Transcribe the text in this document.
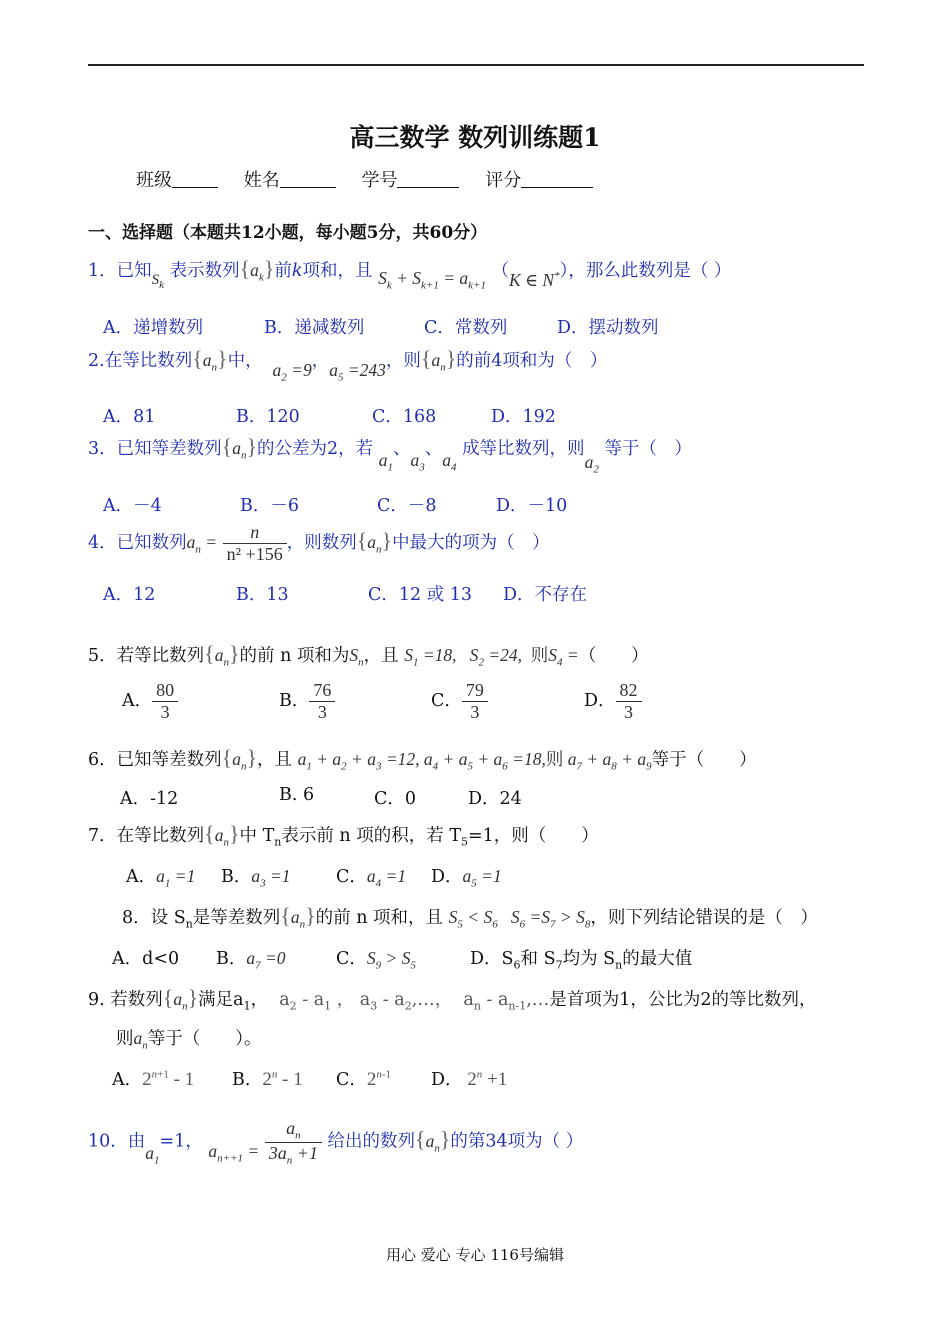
高三数学 数列训练题1
班级	姓名	学号	评分
一、选择题（本题共12小题，每小题5分，共60分）
1．已知$S_k$ 表示数列$\{a_k\}$前k项和，且 $S_k + S_{k+1} = a_{k+1}$ （K ∈ N*），那么此数列是（ ）
A．递增数列	B．递减数列	C．常数列	D．摆动数列
2.在等比数列$\{a_n\}$中，  $a_2 =9$，$a_5 =243$，则$\{a_n\}$的前4项和为（　）
A．81	B．120	C．168	D．192
3．已知等差数列$\{a_n\}$的公差为2，若 $a_1$、$a_3$、$a_4$ 成等比数列，则$a_2$ 等于（　）
A．－4	B．－6	C．－8	D．－10
4．已知数列$a_n = \frac{n}{\text{n² +156}}$ ，则数列$\{a_n\}$中最大的项为（　）
A．12	B．13	C．12 或 13 D．不存在
5．若等比数列$\{a_n\}$的前 n 项和为$S_n$，且 $S_1 =18$,   $S_2 =24$,  则$S_4$ =（　　）
A． $\frac{80}{3}$	B． $\frac{76}{3}$	C． $\frac{79}{3}$	D． $\frac{82}{3}$
6．已知等差数列$\{a_n\}$，且 $a_1 + a_2 + a_3 =12$, $a_4 + a_5 + a_6 =18$,则 $a_7 + a_8 + a_9$等于（　　）
A．-12	B. 6	C．0	D．24
7．在等比数列$\{a_n\}$中 $T_n$表示前 n 项的积，若 $T_5=1$，则（　　）
A．$a_1 =1$ B．$a_3 =1$	C．$a_4 =1$ D．$a_5 =1$
8．设 $S_n$是等差数列$\{a_n\}$的前 n 项和，且 $S_5 < S_6$   $S_6 =S_7 > S_8$，则下列结论错误的是（　）
A．d<0 B．$a_7 =0$	C．$S_9 > S_5$	D．$S_6$和 $S_7$均为 $S_n$的最大值
9. 若数列$\{a_n\}$满足$a_1$，  $a_2 - a_1$ ， $a_3$ - $a_2,\dots$，  $a_n$ - $a_{n-1},\dots$是首项为1，公比为2的等比数列，
则$a_n$等于（　　）。
A．$2^{n+1} - 1$ B．2$^n$ - 1 C．2$^{n-1}$ D． $2^n +1$
10．由$a_1=1$， $a_{n++1} = \frac{a_n}{3a_n +1}$ 给出的数列$\{a_n\}$的第34项为（ ）
用心 爱心 专心 116号编辑
